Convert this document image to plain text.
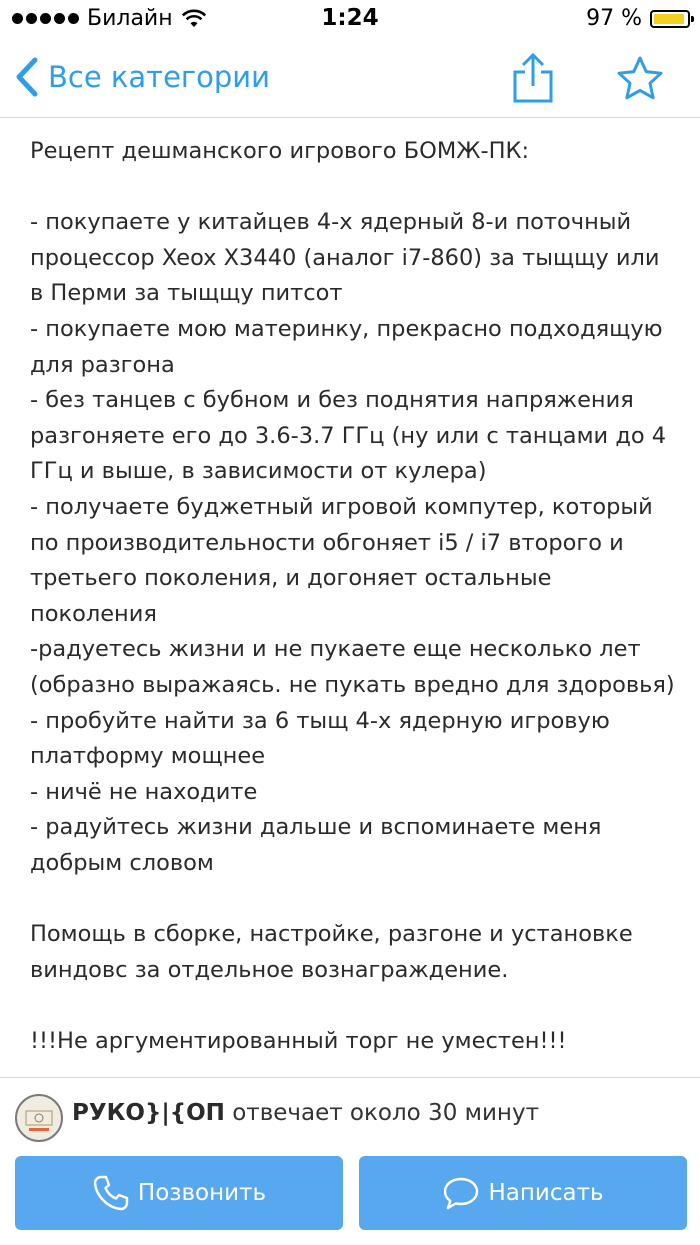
Билайн	1:24	97 %
Все категории
Рецепт дешманского игрового БОМЖ-ПК:
- покупаете у китайцев 4-х ядерный 8-и поточный
процессор Xeox X3440 (аналог i7-860) за тыщщу или
в Перми за тыщщу питсот
- покупаете мою материнку, прекрасно подходящую
для разгона
- без танцев с бубном и без поднятия напряжения
разгоняете его до 3.6-3.7 ГГц (ну или с танцами до 4
ГГц и выше, в зависимости от кулера)
- получаете буджетный игровой компутер, который
по производительности обгоняет i5 / i7 второго и
третьего поколения, и догоняет остальные
поколения
-радуетесь жизни и не пукаете еще несколько лет
(образно выражаясь. не пукать вредно для здоровья)
- пробуйте найти за 6 тыщ 4-х ядерную игровую
платформу мощнее
- ничё не находите
- радуйтесь жизни дальше и вспоминаете меня
добрым словом
Помощь в сборке, настройке, разгоне и установке
виндовс за отдельное вознаграждение.
!!!Не аргументированный торг не уместен!!!
РУКО}|{ОП отвечает около 30 минут
Позвонить	Написать
